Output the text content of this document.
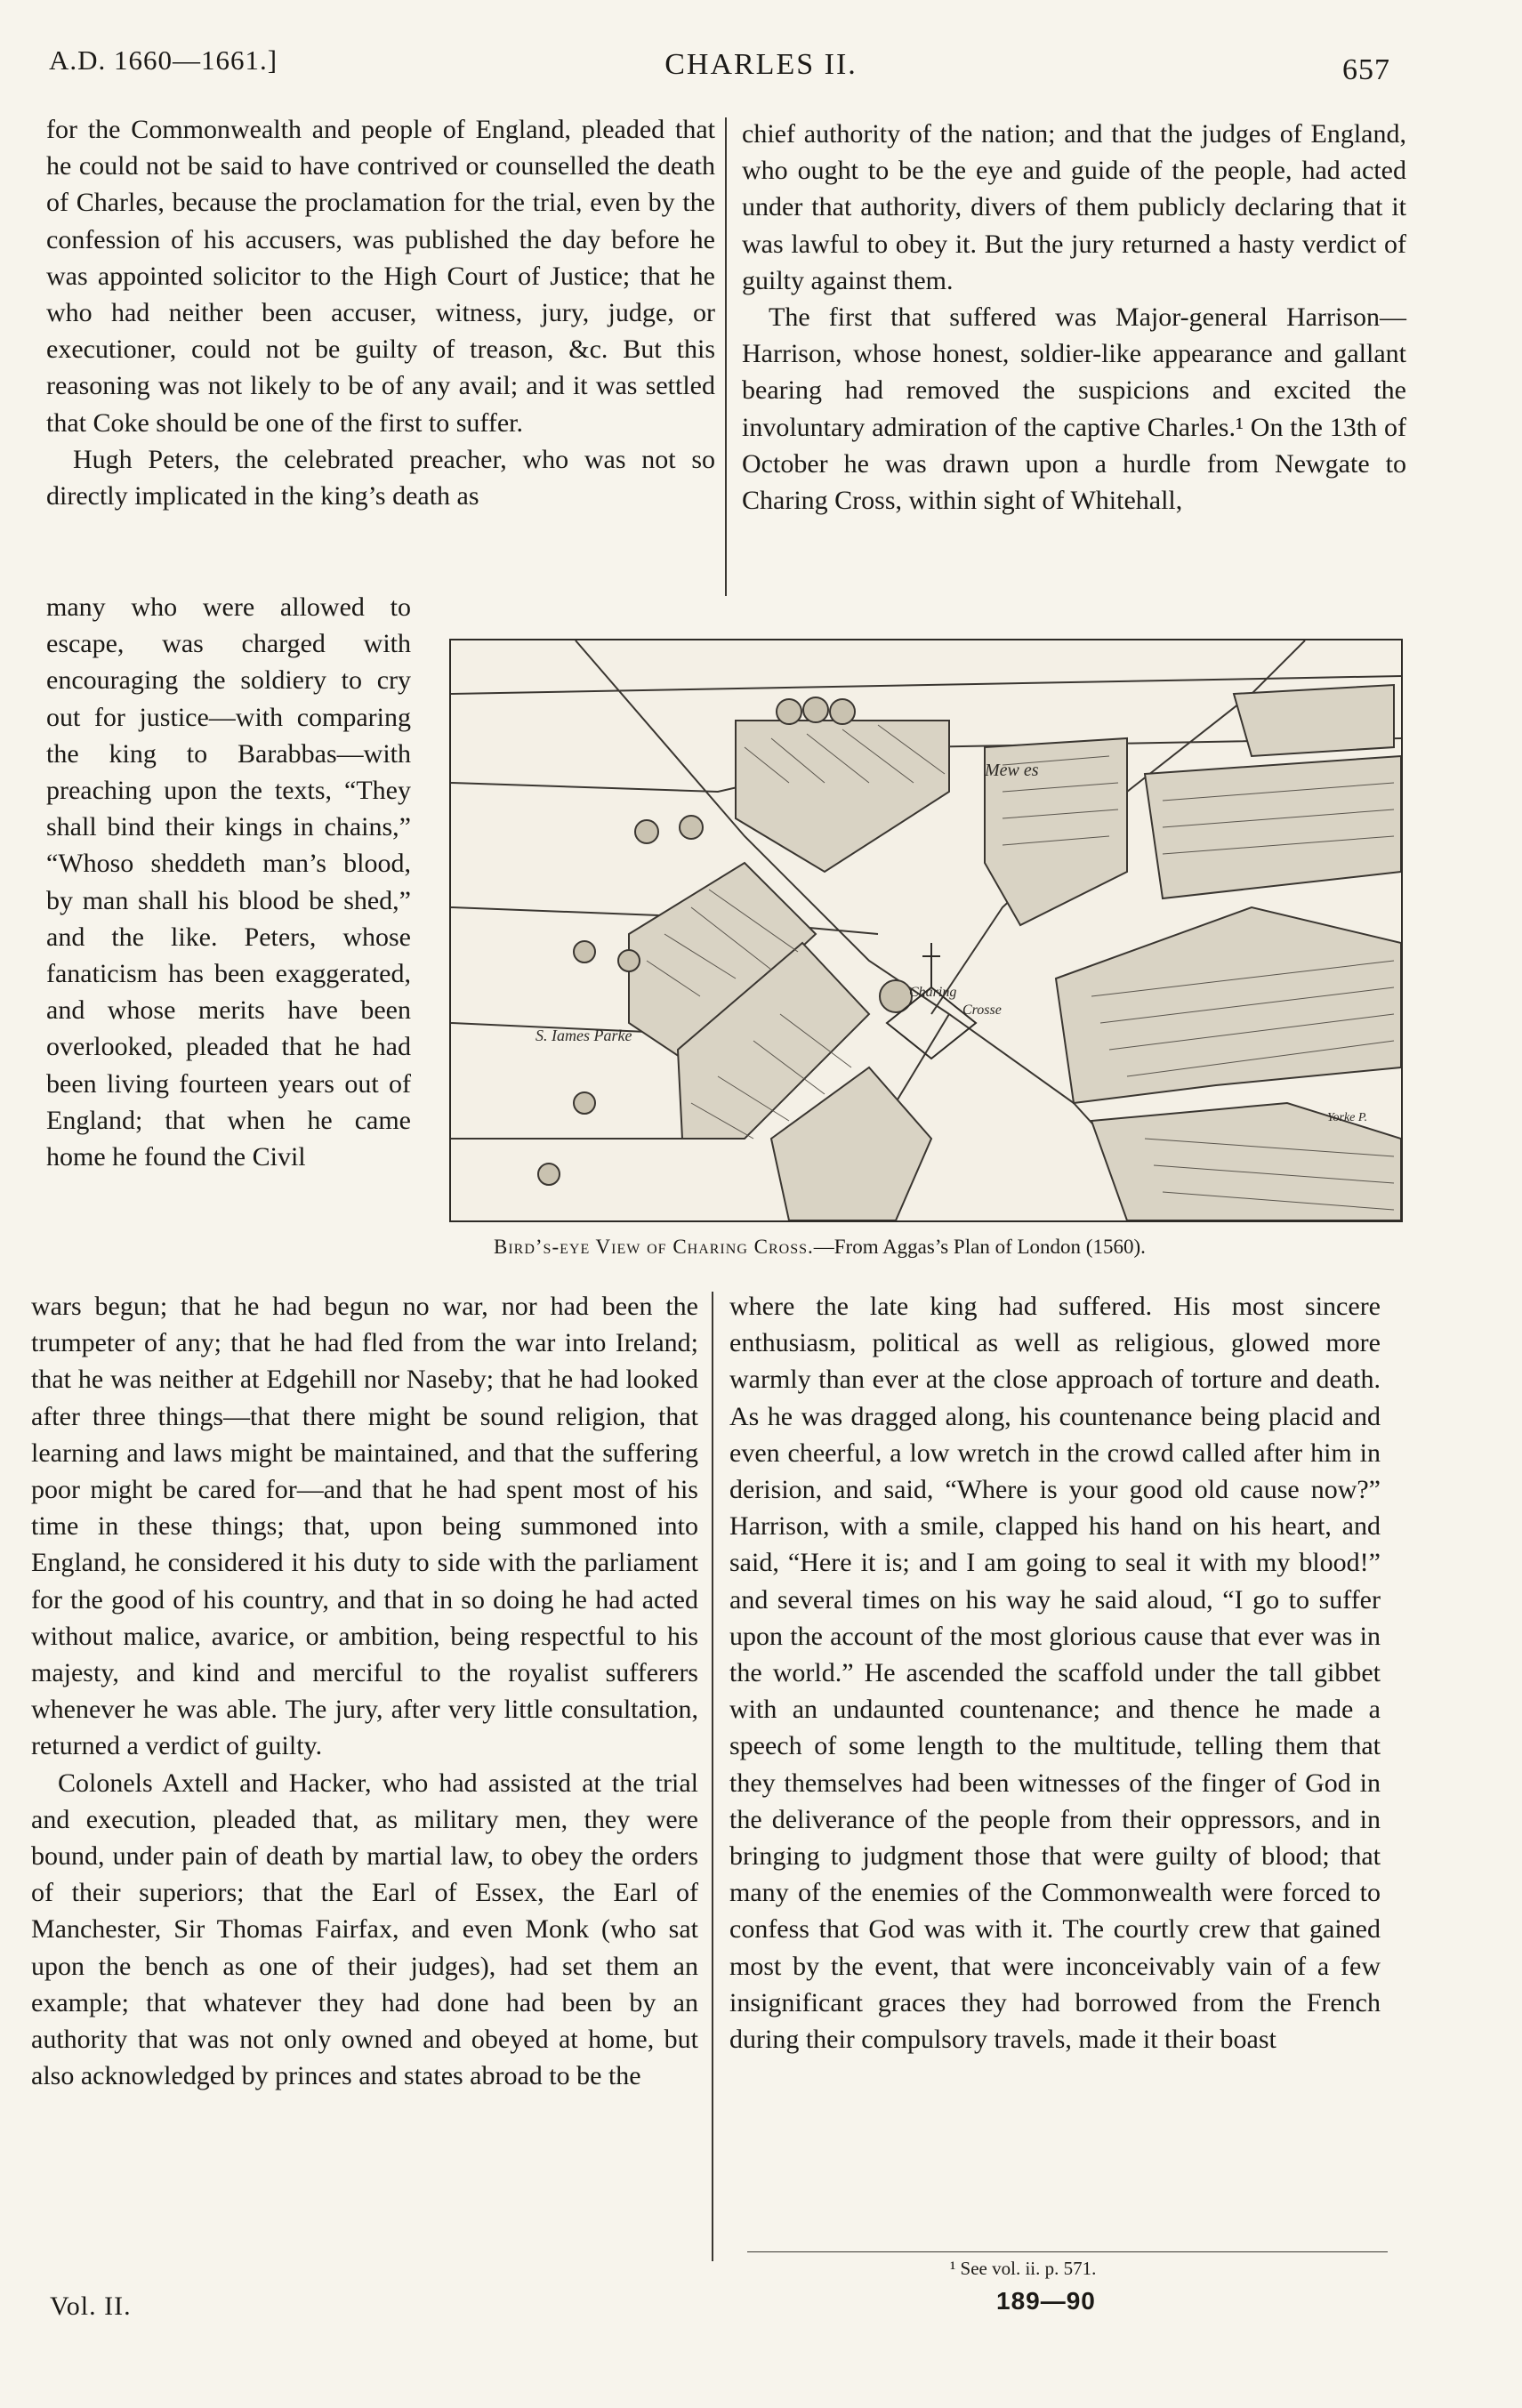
A.D. 1660—1661.]	CHARLES II.	657

for the Commonwealth and people of England, pleaded that he could not be said to have contrived or counselled the death of Charles, because the proclamation for the trial, even by the confession of his accusers, was published the day before he was appointed solicitor to the High Court of Justice; that he who had neither been accuser, witness, jury, judge, or executioner, could not be guilty of treason, &c. But this reasoning was not likely to be of any avail; and it was settled that Coke should be one of the first to suffer.

Hugh Peters, the celebrated preacher, who was not so directly implicated in the king’s death as

chief authority of the nation; and that the judges of England, who ought to be the eye and guide of the people, had acted under that authority, divers of them publicly declaring that it was lawful to obey it. But the jury returned a hasty verdict of guilty against them.

The first that suffered was Major-general Harrison—Harrison, whose honest, soldier-like appearance and gallant bearing had removed the suspicions and excited the involuntary admiration of the captive Charles.¹ On the 13th of October he was drawn upon a hurdle from Newgate to Charing Cross, within sight of Whitehall,

many who were allowed to escape, was charged with encouraging the soldiery to cry out for justice—with comparing the king to Barabbas—with preaching upon the texts, “They shall bind their kings in chains,” “Whoso sheddeth man’s blood, by man shall his blood be shed,” and the like. Peters, whose fanaticism has been exaggerated, and whose merits have been overlooked, pleaded that he had been living fourteen years out of England; that when he came home he found the Civil

Mew es
Charing
Crosse
S. Iames Parke
Yorke P.
Bird’s-eye View of Charing Cross.—From Aggas’s Plan of London (1560).

wars begun; that he had begun no war, nor had been the trumpeter of any; that he had fled from the war into Ireland; that he was neither at Edgehill nor Naseby; that he had looked after three things—that there might be sound religion, that learning and laws might be maintained, and that the suffering poor might be cared for—and that he had spent most of his time in these things; that, upon being summoned into England, he considered it his duty to side with the parliament for the good of his country, and that in so doing he had acted without malice, avarice, or ambition, being respectful to his majesty, and kind and merciful to the royalist sufferers whenever he was able. The jury, after very little consultation, returned a verdict of guilty.

Colonels Axtell and Hacker, who had assisted at the trial and execution, pleaded that, as military men, they were bound, under pain of death by martial law, to obey the orders of their superiors; that the Earl of Essex, the Earl of Manchester, Sir Thomas Fairfax, and even Monk (who sat upon the bench as one of their judges), had set them an example; that whatever they had done had been by an authority that was not only owned and obeyed at home, but also acknowledged by princes and states abroad to be the

where the late king had suffered. His most sincere enthusiasm, political as well as religious, glowed more warmly than ever at the close approach of torture and death. As he was dragged along, his countenance being placid and even cheerful, a low wretch in the crowd called after him in derision, and said, “Where is your good old cause now?” Harrison, with a smile, clapped his hand on his heart, and said, “Here it is; and I am going to seal it with my blood!” and several times on his way he said aloud, “I go to suffer upon the account of the most glorious cause that ever was in the world.” He ascended the scaffold under the tall gibbet with an undaunted countenance; and thence he made a speech of some length to the multitude, telling them that they themselves had been witnesses of the finger of God in the deliverance of the people from their oppressors, and in bringing to judgment those that were guilty of blood; that many of the enemies of the Commonwealth were forced to confess that God was with it. The courtly crew that gained most by the event, that were inconceivably vain of a few insignificant graces they had borrowed from the French during their compulsory travels, made it their boast

¹ See vol. ii. p. 571.
189—90
Vol. II.
